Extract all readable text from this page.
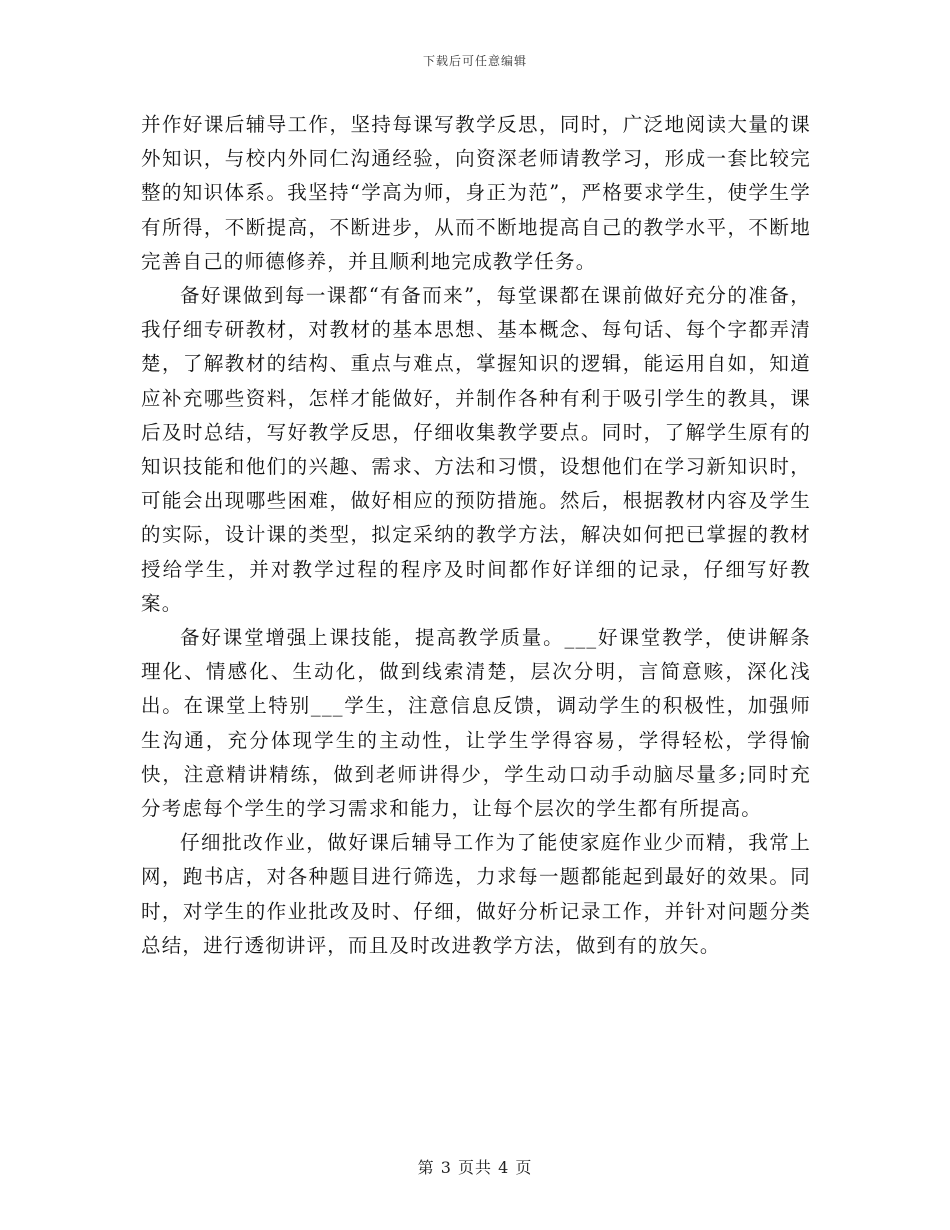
下载后可任意编辑

并作好课后辅导工作，坚持每课写教学反思，同时，广泛地阅读大量的课外知识，与校内外同仁沟通经验，向资深老师请教学习，形成一套比较完整的知识体系。我坚持“学高为师，身正为范”，严格要求学生，使学生学有所得，不断提高，不断进步，从而不断地提高自己的教学水平，不断地完善自己的师德修养，并且顺利地完成教学任务。

备好课做到每一课都“有备而来”，每堂课都在课前做好充分的准备，我仔细专研教材，对教材的基本思想、基本概念、每句话、每个字都弄清楚，了解教材的结构、重点与难点，掌握知识的逻辑，能运用自如，知道应补充哪些资料，怎样才能做好，并制作各种有利于吸引学生的教具，课后及时总结，写好教学反思，仔细收集教学要点。同时，了解学生原有的知识技能和他们的兴趣、需求、方法和习惯，设想他们在学习新知识时，可能会出现哪些困难，做好相应的预防措施。然后，根据教材内容及学生的实际，设计课的类型，拟定采纳的教学方法，解决如何把已掌握的教材授给学生，并对教学过程的程序及时间都作好详细的记录，仔细写好教案。

备好课堂增强上课技能，提高教学质量。___好课堂教学，使讲解条理化、情感化、生动化，做到线索清楚，层次分明，言简意赅，深化浅出。在课堂上特别___学生，注意信息反馈，调动学生的积极性，加强师生沟通，充分体现学生的主动性，让学生学得容易，学得轻松，学得愉快，注意精讲精练，做到老师讲得少，学生动口动手动脑尽量多;同时充分考虑每个学生的学习需求和能力，让每个层次的学生都有所提高。

仔细批改作业，做好课后辅导工作为了能使家庭作业少而精，我常上网，跑书店，对各种题目进行筛选，力求每一题都能起到最好的效果。同时，对学生的作业批改及时、仔细，做好分析记录工作，并针对问题分类总结，进行透彻讲评，而且及时改进教学方法，做到有的放矢。

第 3 页共 4 页
